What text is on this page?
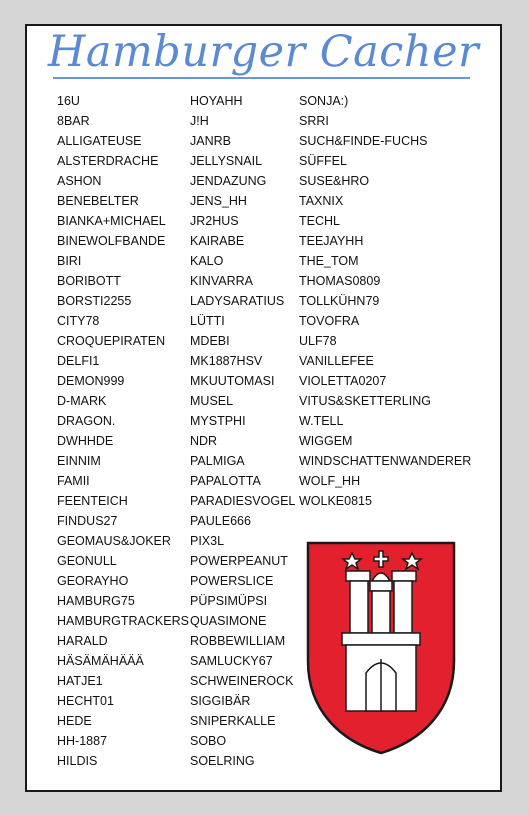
Hamburger Cacher
16U
8BAR
ALLIGATEUSE
ALSTERDRACHE
ASHON
BENEBELTER
BIANKA+MICHAEL
BINEWOLFBANDE
BIRI
BORIBOTT
BORSTI2255
CITY78
CROQUEPIRATEN
DELFI1
DEMON999
D-MARK
DRAGON.
DWHHDE
EINNIM
FAMII
FEENTEICH
FINDUS27
GEOMAUS&JOKER
GEONULL
GEORAYHO
HAMBURG75
HAMBURGTRACKERS
HARALD
HÄSÄMÄHÄÄÄ
HATJE1
HECHT01
HEDE
HH-1887
HILDIS
HOYAHH
J!H
JANRB
JELLYSNAIL
JENDAZUNG
JENS_HH
JR2HUS
KAIRABE
KALO
KINVARRA
LADYSARATIUS
LÜTTI
MDEBI
MK1887HSV
MKUUTOMASI
MUSEL
MYSTPHI
NDR
PALMIGA
PAPALOTTA
PARADIESVOGEL
PAULE666
PIX3L
POWERPEANUT
POWERSLICE
PÜPSIMÜPSI
QUASIMONE
ROBBEWILLIAM
SAMLUCKY67
SCHWEINEROCK
SIGGIBÄR
SNIPERKALLE
SOBO
SOELRING
SONJA:)
SRRI
SUCH&FINDE-FUCHS
SÜFFEL
SUSE&HRO
TAXNIX
TECHL
TEEJAYHH
THE_TOM
THOMAS0809
TOLLKÜHN79
TOVOFRA
ULF78
VANILLEFEE
VIOLETTA0207
VITUS&SKETTERLING
W.TELL
WIGGEM
WINDSCHATTENWANDERER
WOLF_HH
WOLKE0815
